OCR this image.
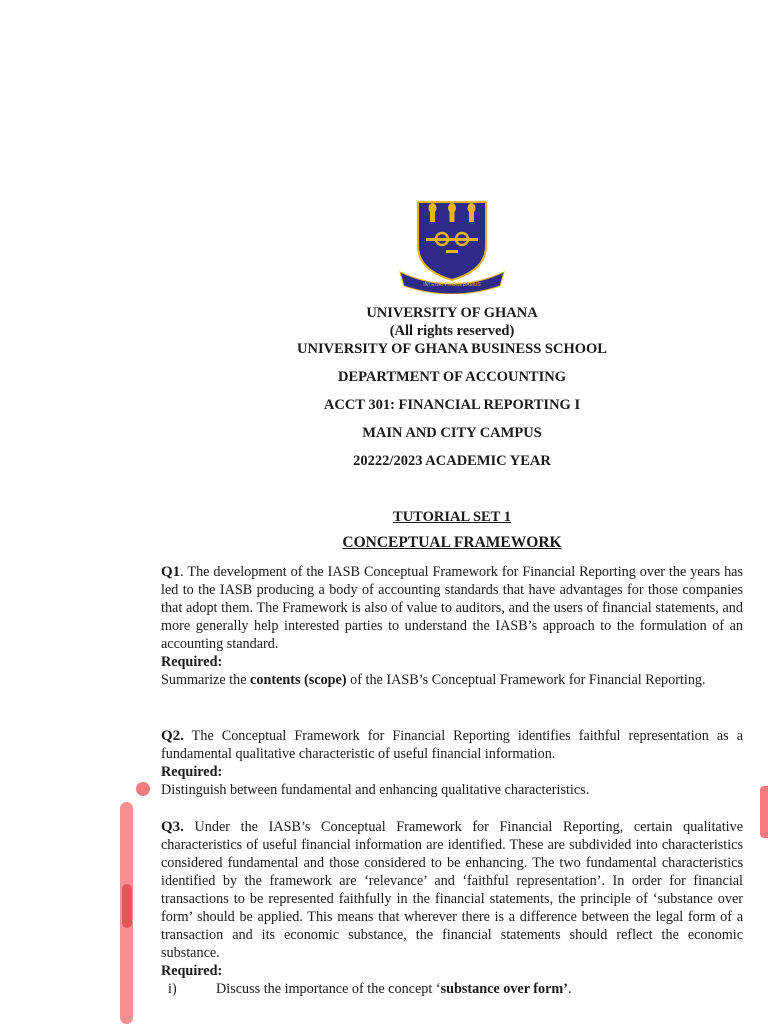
INTEGRI PROCEDAMUS
UNIVERSITY OF GHANA
(All rights reserved)
UNIVERSITY OF GHANA BUSINESS SCHOOL
DEPARTMENT OF ACCOUNTING
ACCT 301: FINANCIAL REPORTING I
MAIN AND CITY CAMPUS
20222/2023 ACADEMIC YEAR
TUTORIAL SET 1
CONCEPTUAL FRAMEWORK
Q1. The development of the IASB Conceptual Framework for Financial Reporting over the years has led to the IASB producing a body of accounting standards that have advantages for those companies that adopt them. The Framework is also of value to auditors, and the users of financial statements, and more generally help interested parties to understand the IASB’s approach to the formulation of an accounting standard.
Required:
Summarize the contents (scope) of the IASB’s Conceptual Framework for Financial Reporting.
Q2. The Conceptual Framework for Financial Reporting identifies faithful representation as a fundamental qualitative characteristic of useful financial information.
Required:
Distinguish between fundamental and enhancing qualitative characteristics.
Q3. Under the IASB’s Conceptual Framework for Financial Reporting, certain qualitative characteristics of useful financial information are identified. These are subdivided into characteristics considered fundamental and those considered to be enhancing. The two fundamental characteristics identified by the framework are ‘relevance’ and ‘faithful representation’. In order for financial transactions to be represented faithfully in the financial statements, the principle of ‘substance over form’ should be applied. This means that wherever there is a difference between the legal form of a transaction and its economic substance, the financial statements should reflect the economic substance.
Required:
i)	Discuss the importance of the concept ‘substance over form’.
